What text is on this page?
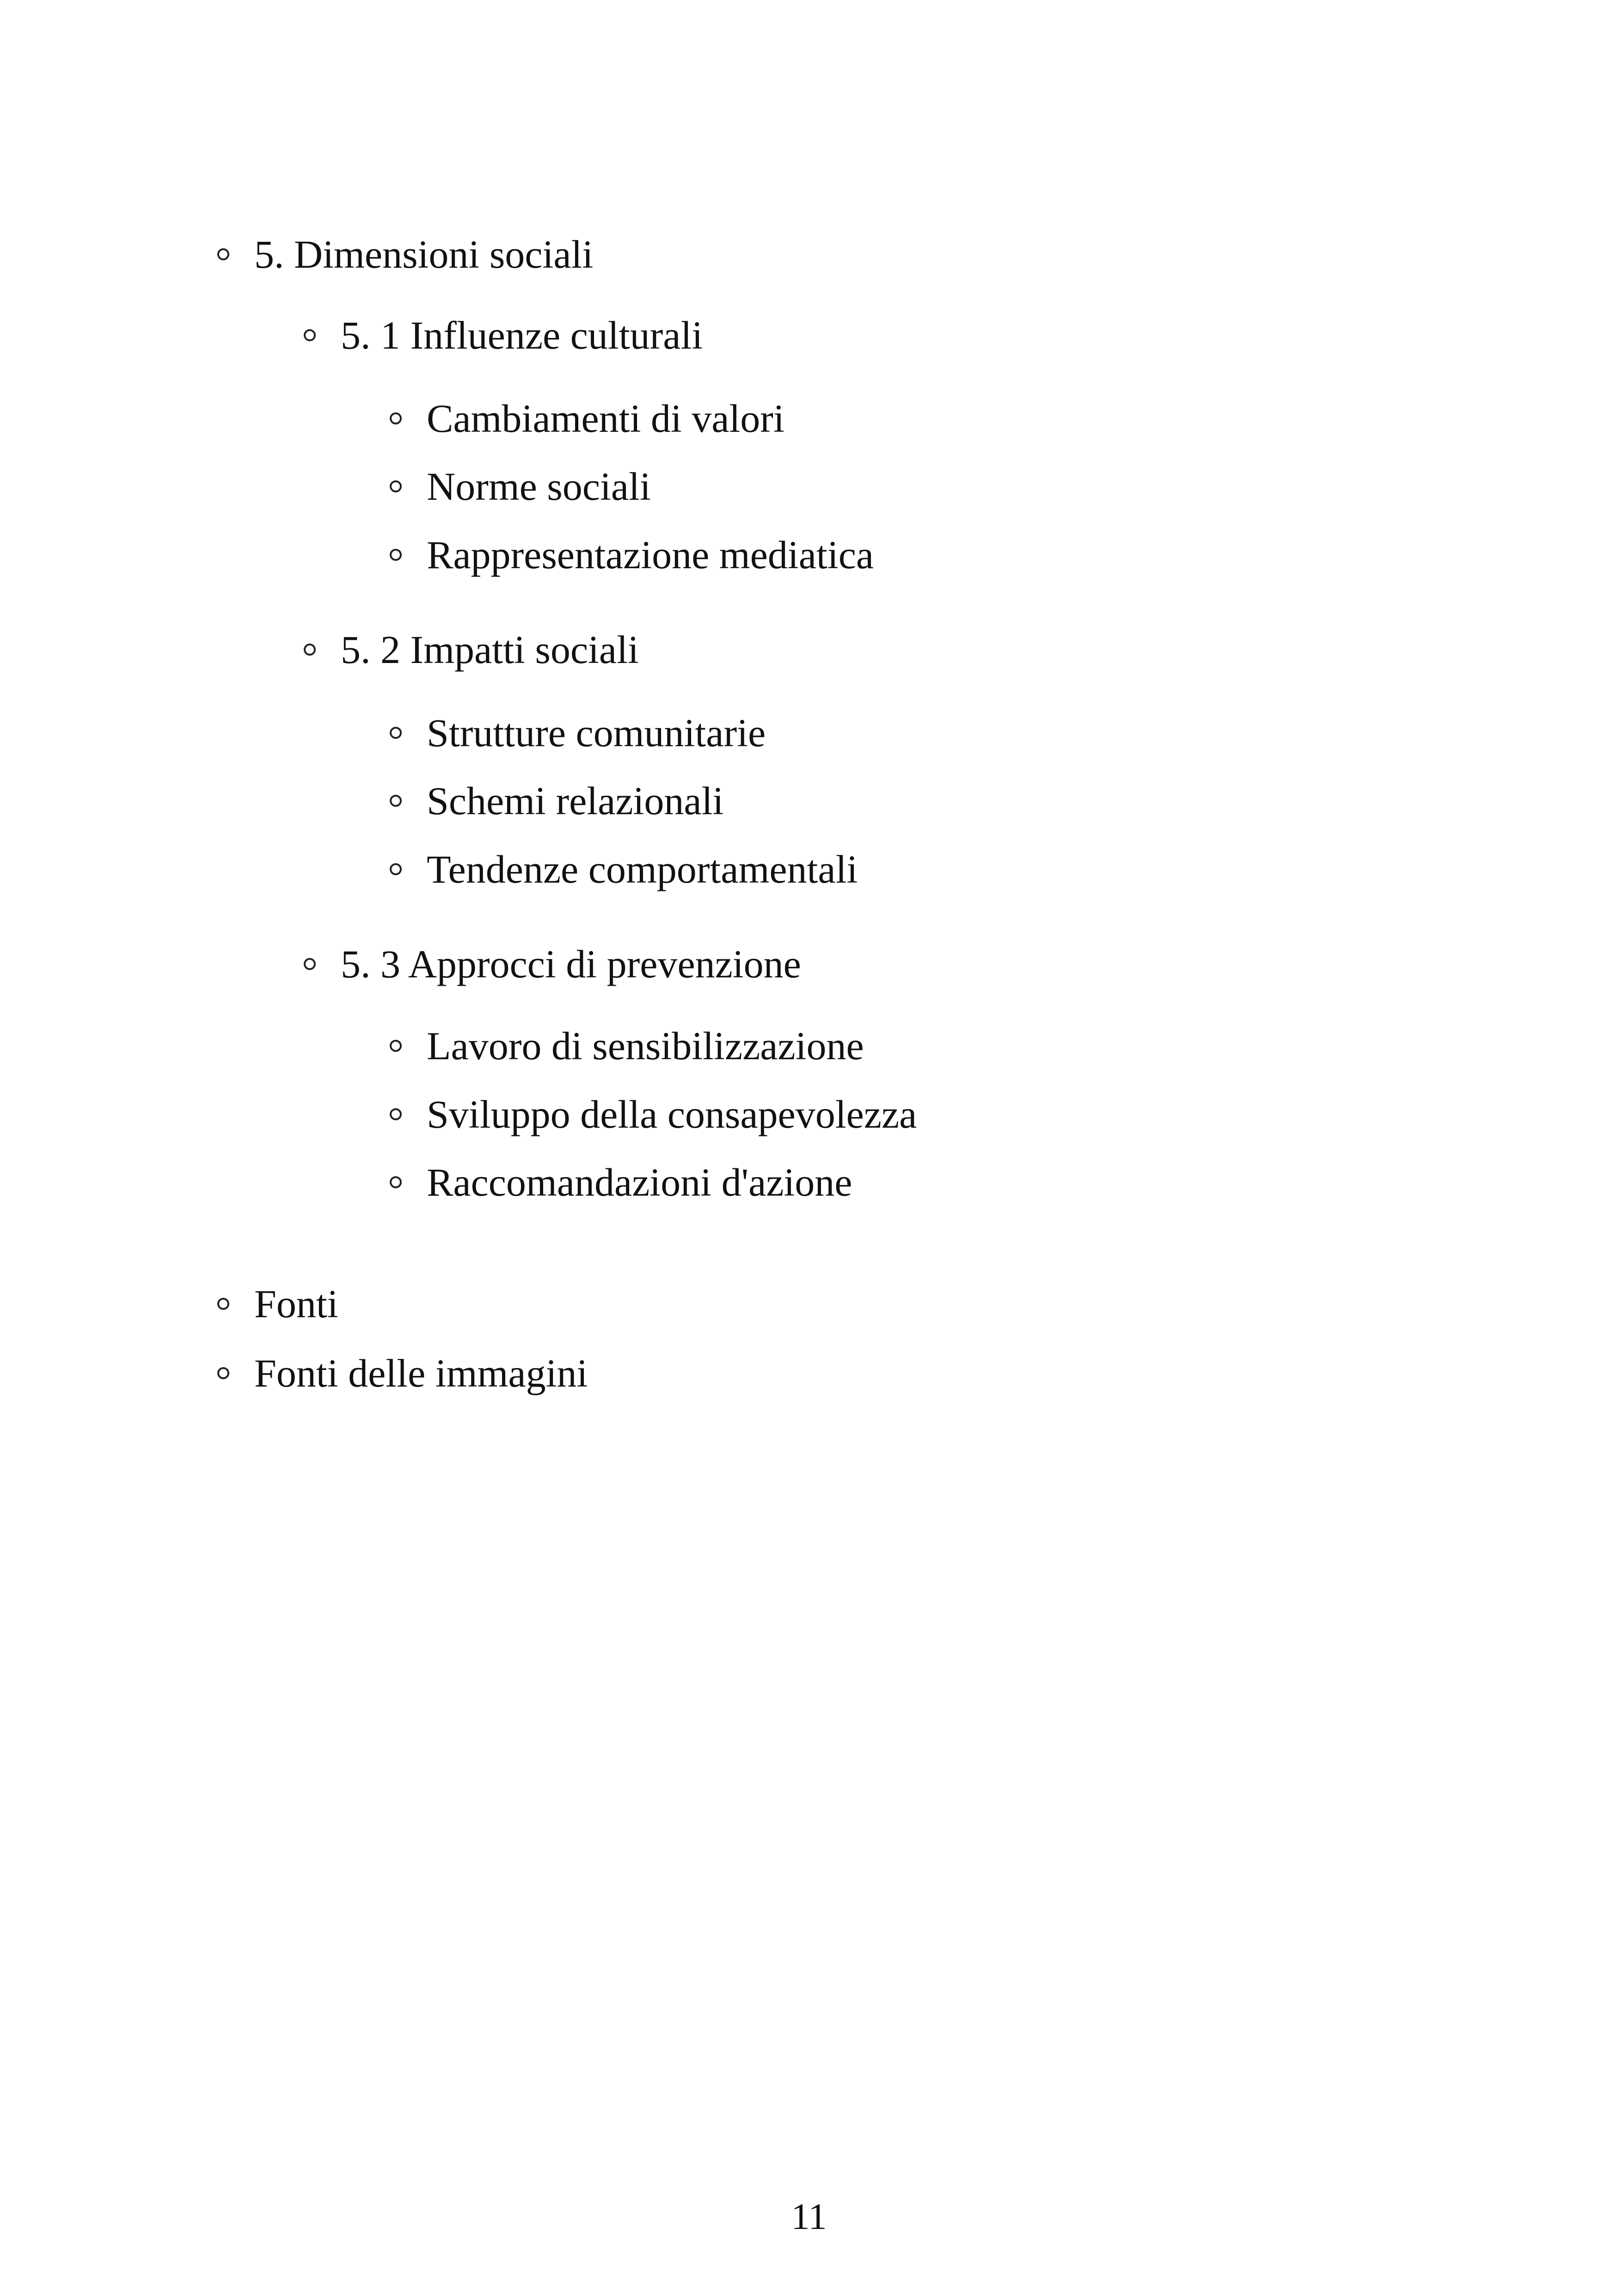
5. Dimensioni sociali
5. 1 Influenze culturali
Cambiamenti di valori
Norme sociali
Rappresentazione mediatica
5. 2 Impatti sociali
Strutture comunitarie
Schemi relazionali
Tendenze comportamentali
5. 3 Approcci di prevenzione
Lavoro di sensibilizzazione
Sviluppo della consapevolezza
Raccomandazioni d'azione
Fonti
Fonti delle immagini
11
